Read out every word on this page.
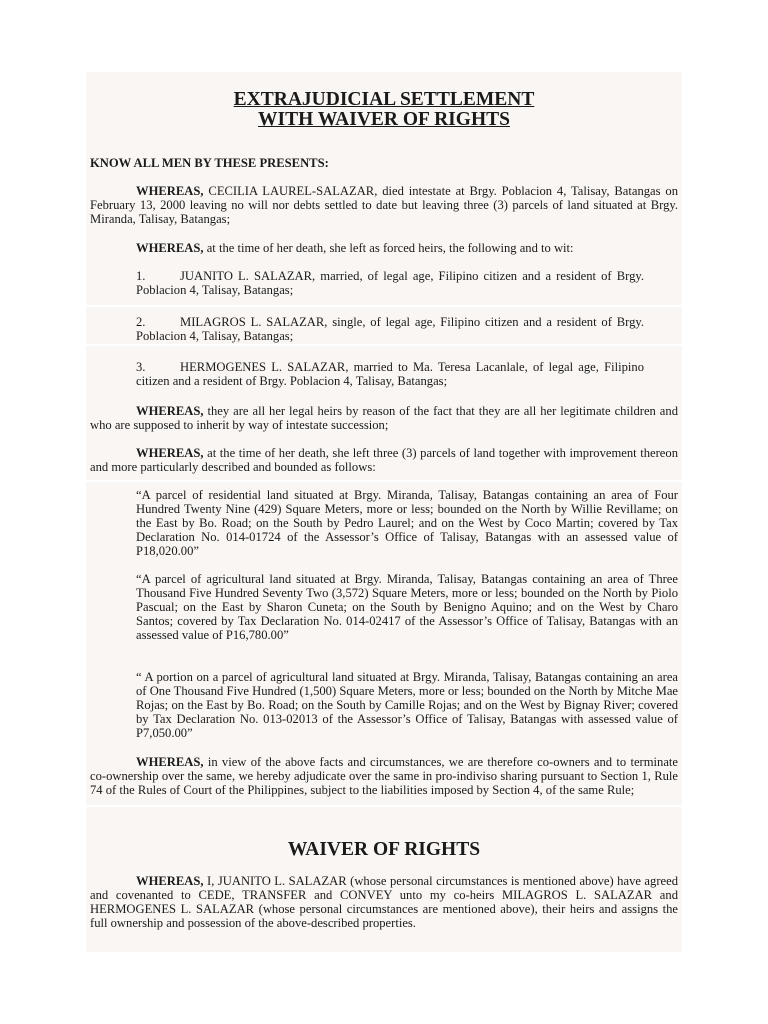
EXTRAJUDICIAL SETTLEMENT
WITH WAIVER OF RIGHTS
KNOW ALL MEN BY THESE PRESENTS:

WHEREAS, CECILIA LAUREL-SALAZAR, died intestate at Brgy. Poblacion 4, Talisay, Batangas on February 13, 2000 leaving no will nor debts settled to date but leaving three (3) parcels of land situated at Brgy. Miranda, Talisay, Batangas;

WHEREAS, at the time of her death, she left as forced heirs, the following and to wit:

1.	JUANITO L. SALAZAR, married, of legal age, Filipino citizen and a resident of Brgy. Poblacion 4, Talisay, Batangas;

2.	MILAGROS L. SALAZAR, single, of legal age, Filipino citizen and a resident of Brgy. Poblacion 4, Talisay, Batangas;

3.	HERMOGENES L. SALAZAR, married to Ma. Teresa Lacanlale, of legal age, Filipino citizen and a resident of Brgy. Poblacion 4, Talisay, Batangas;

WHEREAS, they are all her legal heirs by reason of the fact that they are all her legitimate children and who are supposed to inherit by way of intestate succession;

WHEREAS, at the time of her death, she left three (3) parcels of land together with improvement thereon and more particularly described and bounded as follows:

“A parcel of residential land situated at Brgy. Miranda, Talisay, Batangas containing an area of Four Hundred Twenty Nine (429) Square Meters, more or less; bounded on the North by Willie Revillame; on the East by Bo. Road; on the South by Pedro Laurel; and on the West by Coco Martin; covered by Tax Declaration No. 014-01724 of the Assessor’s Office of Talisay, Batangas with an assessed value of P18,020.00”

“A parcel of agricultural land situated at Brgy. Miranda, Talisay, Batangas containing an area of Three Thousand Five Hundred Seventy Two (3,572) Square Meters, more or less; bounded on the North by Piolo Pascual; on the East by Sharon Cuneta; on the South by Benigno Aquino; and on the West by Charo Santos; covered by Tax Declaration No. 014-02417 of the Assessor’s Office of Talisay, Batangas with an assessed value of P16,780.00”

“ A portion on a parcel of agricultural land situated at Brgy. Miranda, Talisay, Batangas containing an area of One Thousand Five Hundred (1,500) Square Meters, more or less; bounded on the North by Mitche Mae Rojas; on the East by Bo. Road; on the South by Camille Rojas; and on the West by Bignay River; covered by Tax Declaration No. 013-02013 of the Assessor’s Office of Talisay, Batangas with assessed value of P7,050.00”

WHEREAS, in view of the above facts and circumstances, we are therefore co-owners and to terminate co-ownership over the same, we hereby adjudicate over the same in pro-indiviso sharing pursuant to Section 1, Rule 74 of the Rules of Court of the Philippines, subject to the liabilities imposed by Section 4, of the same Rule;

WAIVER OF RIGHTS

WHEREAS, I, JUANITO L. SALAZAR (whose personal circumstances is mentioned above) have agreed and covenanted to CEDE, TRANSFER and CONVEY unto my co-heirs MILAGROS L. SALAZAR and HERMOGENES L. SALAZAR (whose personal circumstances are mentioned above), their heirs and assigns the full ownership and possession of the above-described properties.
